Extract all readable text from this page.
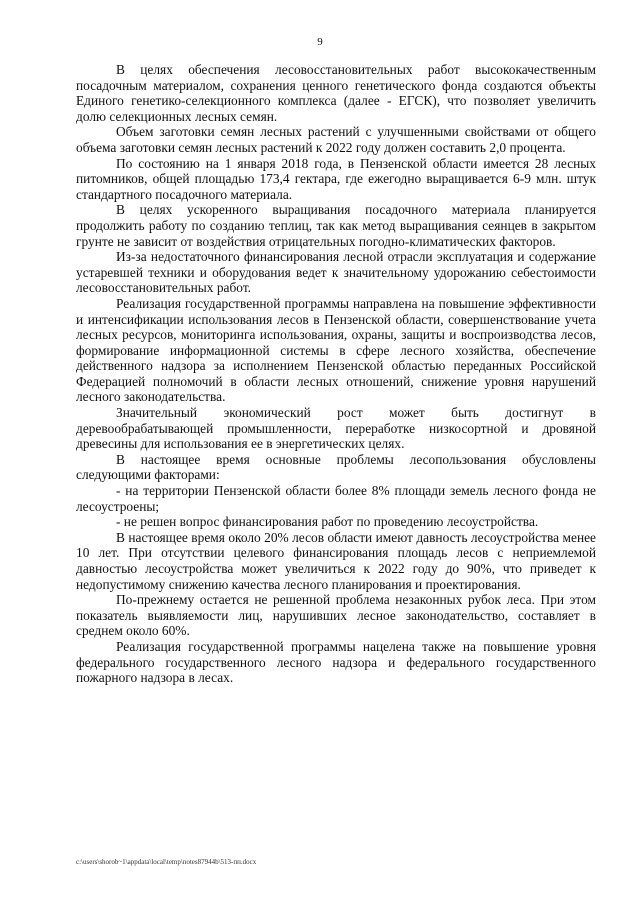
9

В целях обеспечения лесовосстановительных работ высококачественным посадочным материалом, сохранения ценного генетического фонда создаются объекты Единого генетико-селекционного комплекса (далее - ЕГСК), что позволяет увеличить долю селекционных лесных семян.

Объем заготовки семян лесных растений с улучшенными свойствами от общего объема заготовки семян лесных растений к 2022 году должен составить 2,0 процента.

По состоянию на 1 января 2018 года, в Пензенской области имеется 28 лесных питомников, общей площадью 173,4 гектара, где ежегодно выращивается 6-9 млн. штук стандартного посадочного материала.

В целях ускоренного выращивания посадочного материала планируется продолжить работу по созданию теплиц, так как метод выращивания сеянцев в закрытом грунте не зависит от воздействия отрицательных погодно-климатических факторов.

Из-за недостаточного финансирования лесной отрасли эксплуатация и содержание устаревшей техники и оборудования ведет к значительному удорожанию себестоимости лесовосстановительных работ.

Реализация государственной программы направлена на повышение эффективности и интенсификации использования лесов в Пензенской области, совершенствование учета лесных ресурсов, мониторинга использования, охраны, защиты и воспроизводства лесов, формирование информационной системы в сфере лесного хозяйства, обеспечение действенного надзора за исполнением Пензенской областью переданных Российской Федерацией полномочий в области лесных отношений, снижение уровня нарушений лесного законодательства.

Значительный экономический рост может быть достигнут в деревообрабатывающей промышленности, переработке низкосортной и дровяной древесины для использования ее в энергетических целях.

В настоящее время основные проблемы лесопользования обусловлены следующими факторами:

- на территории Пензенской области более 8% площади земель лесного фонда не лесоустроены;

- не решен вопрос финансирования работ по проведению лесоустройства.

В настоящее время около 20% лесов области имеют давность лесоустройства менее 10 лет. При отсутствии целевого финансирования площадь лесов с неприемлемой давностью лесоустройства может увеличиться к 2022 году до 90%, что приведет к недопустимому снижению качества лесного планирования и проектирования.

По-прежнему остается не решенной проблема незаконных рубок леса. При этом показатель выявляемости лиц, нарушивших лесное законодательство, составляет в среднем около 60%.

Реализация государственной программы нацелена также на повышение уровня федерального государственного лесного надзора и федерального государственного пожарного надзора в лесах.

c:\users\shorob~1\appdata\local\temp\notes87944b\513-пп.docx
